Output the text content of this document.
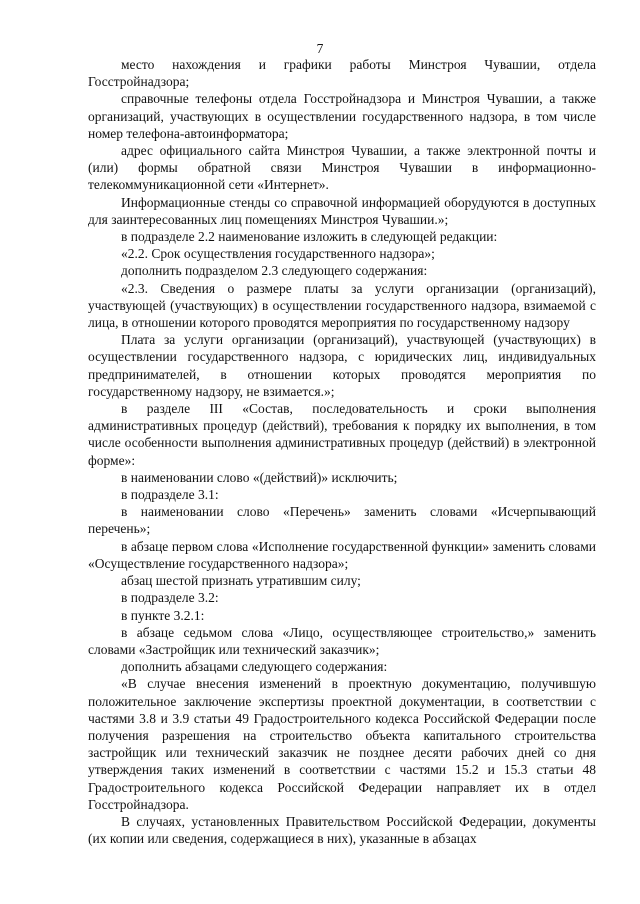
7

место нахождения и графики работы Минстроя Чувашии, отдела Госстройнадзора;

справочные телефоны отдела Госстройнадзора и Минстроя Чувашии, а также организаций, участвующих в осуществлении государственного надзора, в том числе номер телефона-автоинформатора;

адрес официального сайта Минстроя Чувашии, а также электронной почты и (или) формы обратной связи Минстроя Чувашии в информационно-телекоммуникационной сети «Интернет».

Информационные стенды со справочной информацией оборудуются в доступных для заинтересованных лиц помещениях Минстроя Чувашии.»;

в подразделе 2.2 наименование изложить в следующей редакции:

«2.2. Срок осуществления государственного надзора»;

дополнить подразделом 2.3 следующего содержания:

«2.3. Сведения о размере платы за услуги организации (организаций), участвующей (участвующих) в осуществлении государственного надзора, взимаемой с лица, в отношении которого проводятся мероприятия по государственному надзору

Плата за услуги организации (организаций), участвующей (участвующих) в осуществлении государственного надзора, с юридических лиц, индивидуальных предпринимателей, в отношении которых проводятся мероприятия по государственному надзору, не взимается.»;

в разделе III «Состав, последовательность и сроки выполнения административных процедур (действий), требования к порядку их выполнения, в том числе особенности выполнения административных процедур (действий) в электронной форме»:

в наименовании слово «(действий)» исключить;

в подразделе 3.1:

в наименовании слово «Перечень» заменить словами «Исчерпывающий перечень»;

в абзаце первом слова «Исполнение государственной функции» заменить словами «Осуществление государственного надзора»;

абзац шестой признать утратившим силу;

в подразделе 3.2:

в пункте 3.2.1:

в абзаце седьмом слова «Лицо, осуществляющее строительство,» заменить словами «Застройщик или технический заказчик»;

дополнить абзацами следующего содержания:

«В случае внесения изменений в проектную документацию, получившую положительное заключение экспертизы проектной документации, в соответствии с частями 3.8 и 3.9 статьи 49 Градостроительного кодекса Российской Федерации после получения разрешения на строительство объекта капитального строительства застройщик или технический заказчик не позднее десяти рабочих дней со дня утверждения таких изменений в соответствии с частями 15.2 и 15.3 статьи 48 Градостроительного кодекса Российской Федерации направляет их в отдел Госстройнадзора.

В случаях, установленных Правительством Российской Федерации, документы (их копии или сведения, содержащиеся в них), указанные в абзацах
